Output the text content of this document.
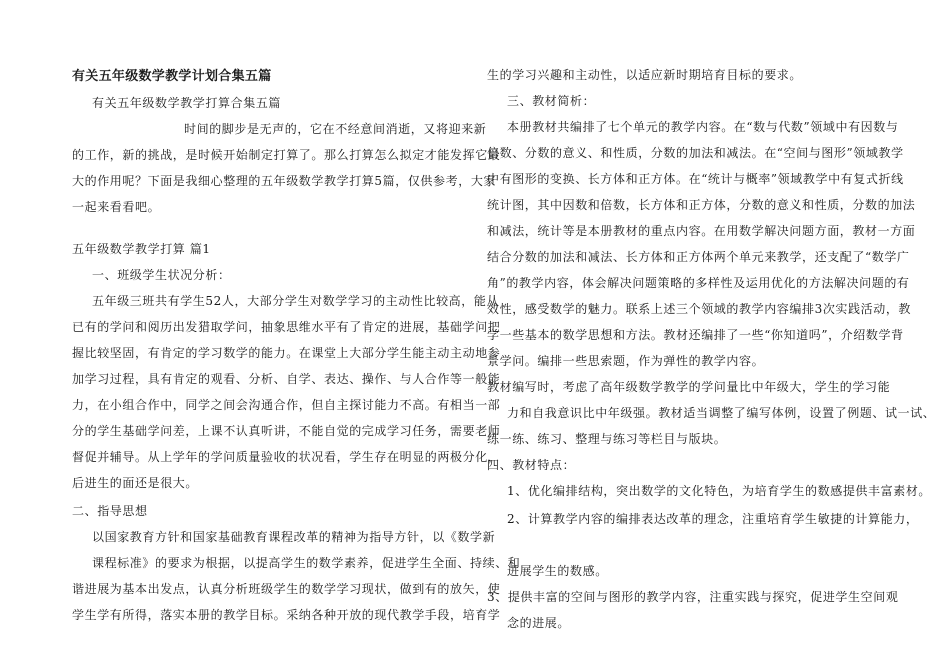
有关五年级数学教学计划合集五篇
有关五年级数学教学打算合集五篇
时间的脚步是无声的，它在不经意间消逝，又将迎来新
的工作，新的挑战，是时候开始制定打算了。那么打算怎么拟定才能发挥它最
大的作用呢？下面是我细心整理的五年级数学教学打算5篇，仅供参考，大家
一起来看看吧。
五年级数学教学打算 篇1
一、班级学生状况分析：
五年级三班共有学生52人，大部分学生对数学学习的主动性比较高，能从
已有的学问和阅历出发猎取学问，抽象思维水平有了肯定的进展，基础学问把
握比较坚固，有肯定的学习数学的能力。在课堂上大部分学生能主动主动地参
加学习过程，具有肯定的观看、分析、自学、表达、操作、与人合作等一般能
力，在小组合作中，同学之间会沟通合作，但自主探讨能力不高。有相当一部
分的学生基础学问差，上课不认真听讲，不能自觉的完成学习任务，需要老师
督促并辅导。从上学年的学问质量验收的状况看，学生存在明显的两极分化，
后进生的面还是很大。
二、指导思想
以国家教育方针和国家基础教育课程改革的精神为指导方针，以《数学新
课程标准》的要求为根据，以提高学生的数学素养，促进学生全面、持续、和
谐进展为基本出发点，认真分析班级学生的数学学习现状，做到有的放矢，使
学生学有所得，落实本册的教学目标。采纳各种开放的现代教学手段，培育学
生的学习兴趣和主动性，以适应新时期培育目标的要求。
三、教材简析：
本册教材共编排了七个单元的教学内容。在“数与代数”领域中有因数与
倍数、分数的意义、和性质，分数的加法和减法。在“空间与图形”领域教学
中有图形的变换、长方体和正方体。在“统计与概率”领域教学中有复式折线
统计图，其中因数和倍数，长方体和正方体，分数的意义和性质，分数的加法
和减法，统计等是本册教材的重点内容。在用数学解决问题方面，教材一方面
结合分数的加法和减法、长方体和正方体两个单元来教学，还支配了“数学广
角”的教学内容，体会解决问题策略的多样性及运用优化的方法解决问题的有
效性，感受数学的魅力。联系上述三个领域的教学内容编排3次实践活动，教
学一些基本的数学思想和方法。教材还编排了一些“你知道吗”，介绍数学背
景学问。编排一些思索题，作为弹性的教学内容。
教材编写时，考虑了高年级数学教学的学问量比中年级大，学生的学习能
力和自我意识比中年级强。教材适当调整了编写体例，设置了例题、试一试、
练一练、练习、整理与练习等栏目与版块。
四、教材特点：
1、优化编排结构，突出数学的文化特色，为培育学生的数感提供丰富素材。
2、计算教学内容的编排表达改革的理念，注重培育学生敏捷的计算能力，
进展学生的数感。
3、提供丰富的空间与图形的教学内容，注重实践与探究，促进学生空间观
念的进展。
